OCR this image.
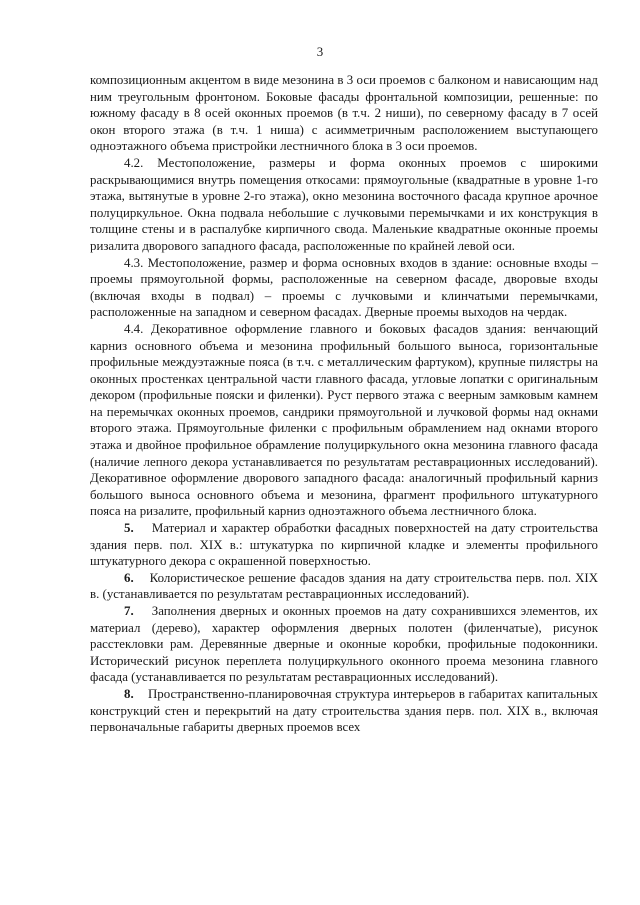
3

композиционным акцентом в виде мезонина в 3 оси проемов с балконом и нависающим над ним треугольным фронтоном. Боковые фасады фронтальной композиции, решенные: по южному фасаду в 8 осей оконных проемов (в т.ч. 2 ниши), по северному фасаду в 7 осей окон второго этажа (в т.ч. 1 ниша) с асимметричным расположением выступающего одноэтажного объема пристройки лестничного блока в 3 оси проемов.

4.2. Местоположение, размеры и форма оконных проемов с широкими раскрывающимися внутрь помещения откосами: прямоугольные (квадратные в уровне 1-го этажа, вытянутые в уровне 2-го этажа), окно мезонина восточного фасада крупное арочное полуциркульное. Окна подвала небольшие с лучковыми перемычками и их конструкция в толщине стены и в распалубке кирпичного свода. Маленькие квадратные оконные проемы ризалита дворового западного фасада, расположенные по крайней левой оси.

4.3. Местоположение, размер и форма основных входов в здание: основные входы – проемы прямоугольной формы, расположенные на северном фасаде, дворовые входы (включая входы в подвал) – проемы с лучковыми и клинчатыми перемычками, расположенные на западном и северном фасадах. Дверные проемы выходов на чердак.

4.4. Декоративное оформление главного и боковых фасадов здания: венчающий карниз основного объема и мезонина профильный большого выноса, горизонтальные профильные междуэтажные пояса (в т.ч. с металлическим фартуком), крупные пилястры на оконных простенках центральной части главного фасада, угловые лопатки с оригинальным декором (профильные пояски и филенки). Руст первого этажа с веерным замковым камнем на перемычках оконных проемов, сандрики прямоугольной и лучковой формы над окнами второго этажа. Прямоугольные филенки с профильным обрамлением над окнами второго этажа и двойное профильное обрамление полуциркульного окна мезонина главного фасада (наличие лепного декора устанавливается по результатам реставрационных исследований). Декоративное оформление дворового западного фасада: аналогичный профильный карниз большого выноса основного объема и мезонина, фрагмент профильного штукатурного пояса на ризалите, профильный карниз одноэтажного объема лестничного блока.

5. Материал и характер обработки фасадных поверхностей на дату строительства здания перв. пол. XIX в.: штукатурка по кирпичной кладке и элементы профильного штукатурного декора с окрашенной поверхностью.

6. Колористическое решение фасадов здания на дату строительства перв. пол. XIX в. (устанавливается по результатам реставрационных исследований).

7. Заполнения дверных и оконных проемов на дату сохранившихся элементов, их материал (дерево), характер оформления дверных полотен (филенчатые), рисунок расстекловки рам. Деревянные дверные и оконные коробки, профильные подоконники. Исторический рисунок переплета полуциркульного оконного проема мезонина главного фасада (устанавливается по результатам реставрационных исследований).

8. Пространственно-планировочная структура интерьеров в габаритах капитальных конструкций стен и перекрытий на дату строительства здания перв. пол. XIX в., включая первоначальные габариты дверных проемов всех
